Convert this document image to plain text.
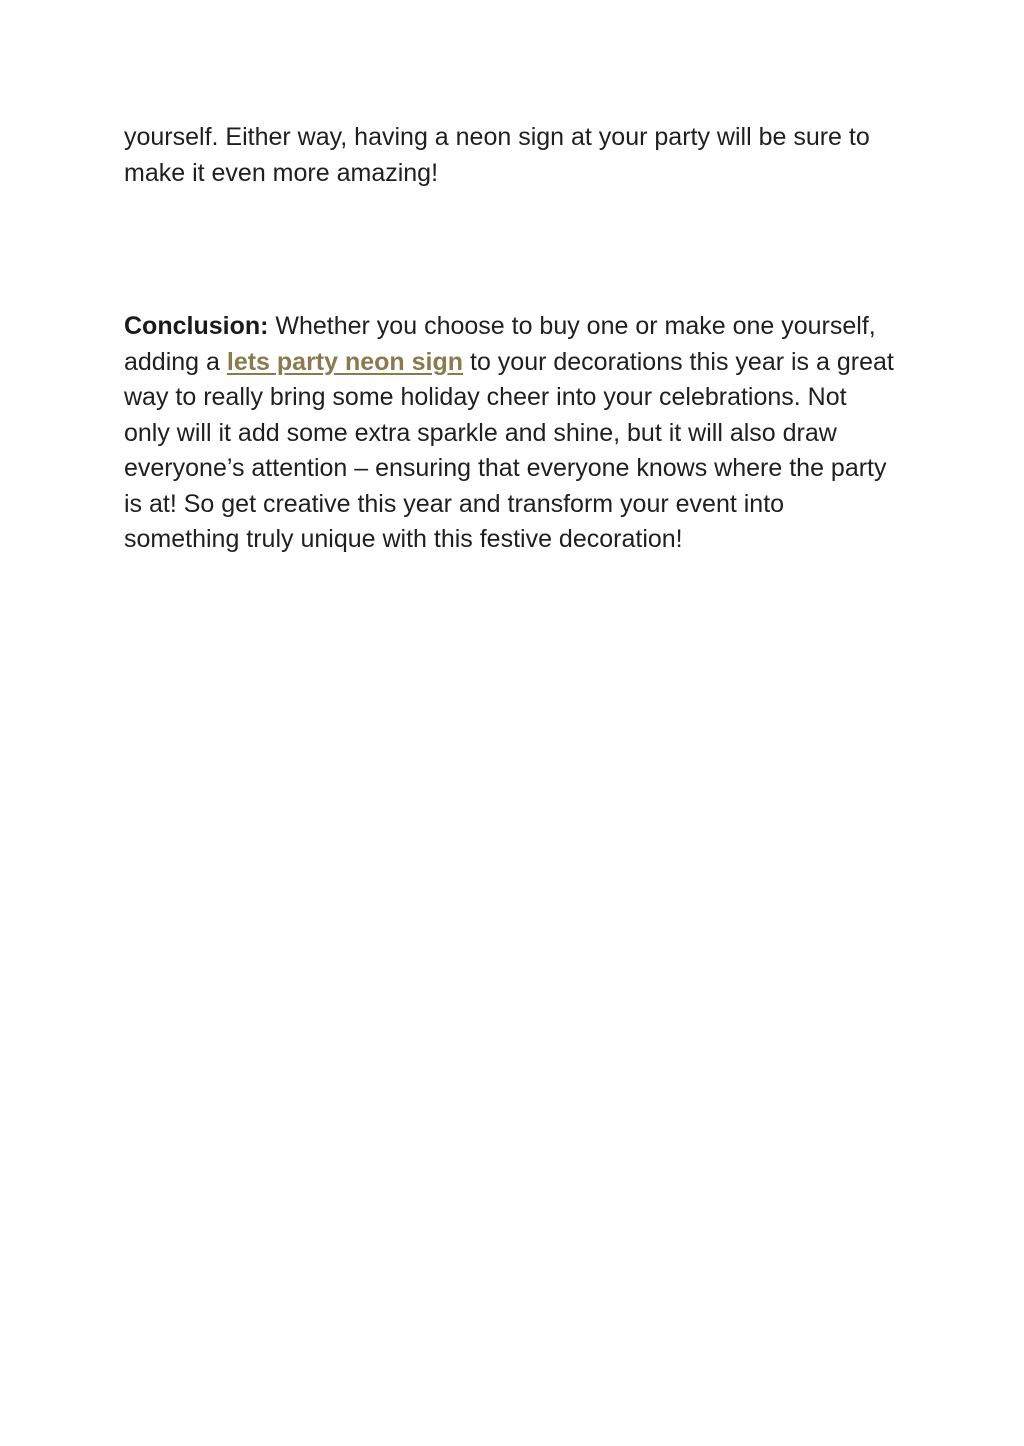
yourself. Either way, having a neon sign at your party will be sure to make it even more amazing!

Conclusion: Whether you choose to buy one or make one yourself, adding a lets party neon sign to your decorations this year is a great way to really bring some holiday cheer into your celebrations. Not only will it add some extra sparkle and shine, but it will also draw everyone’s attention – ensuring that everyone knows where the party is at! So get creative this year and transform your event into something truly unique with this festive decoration!
